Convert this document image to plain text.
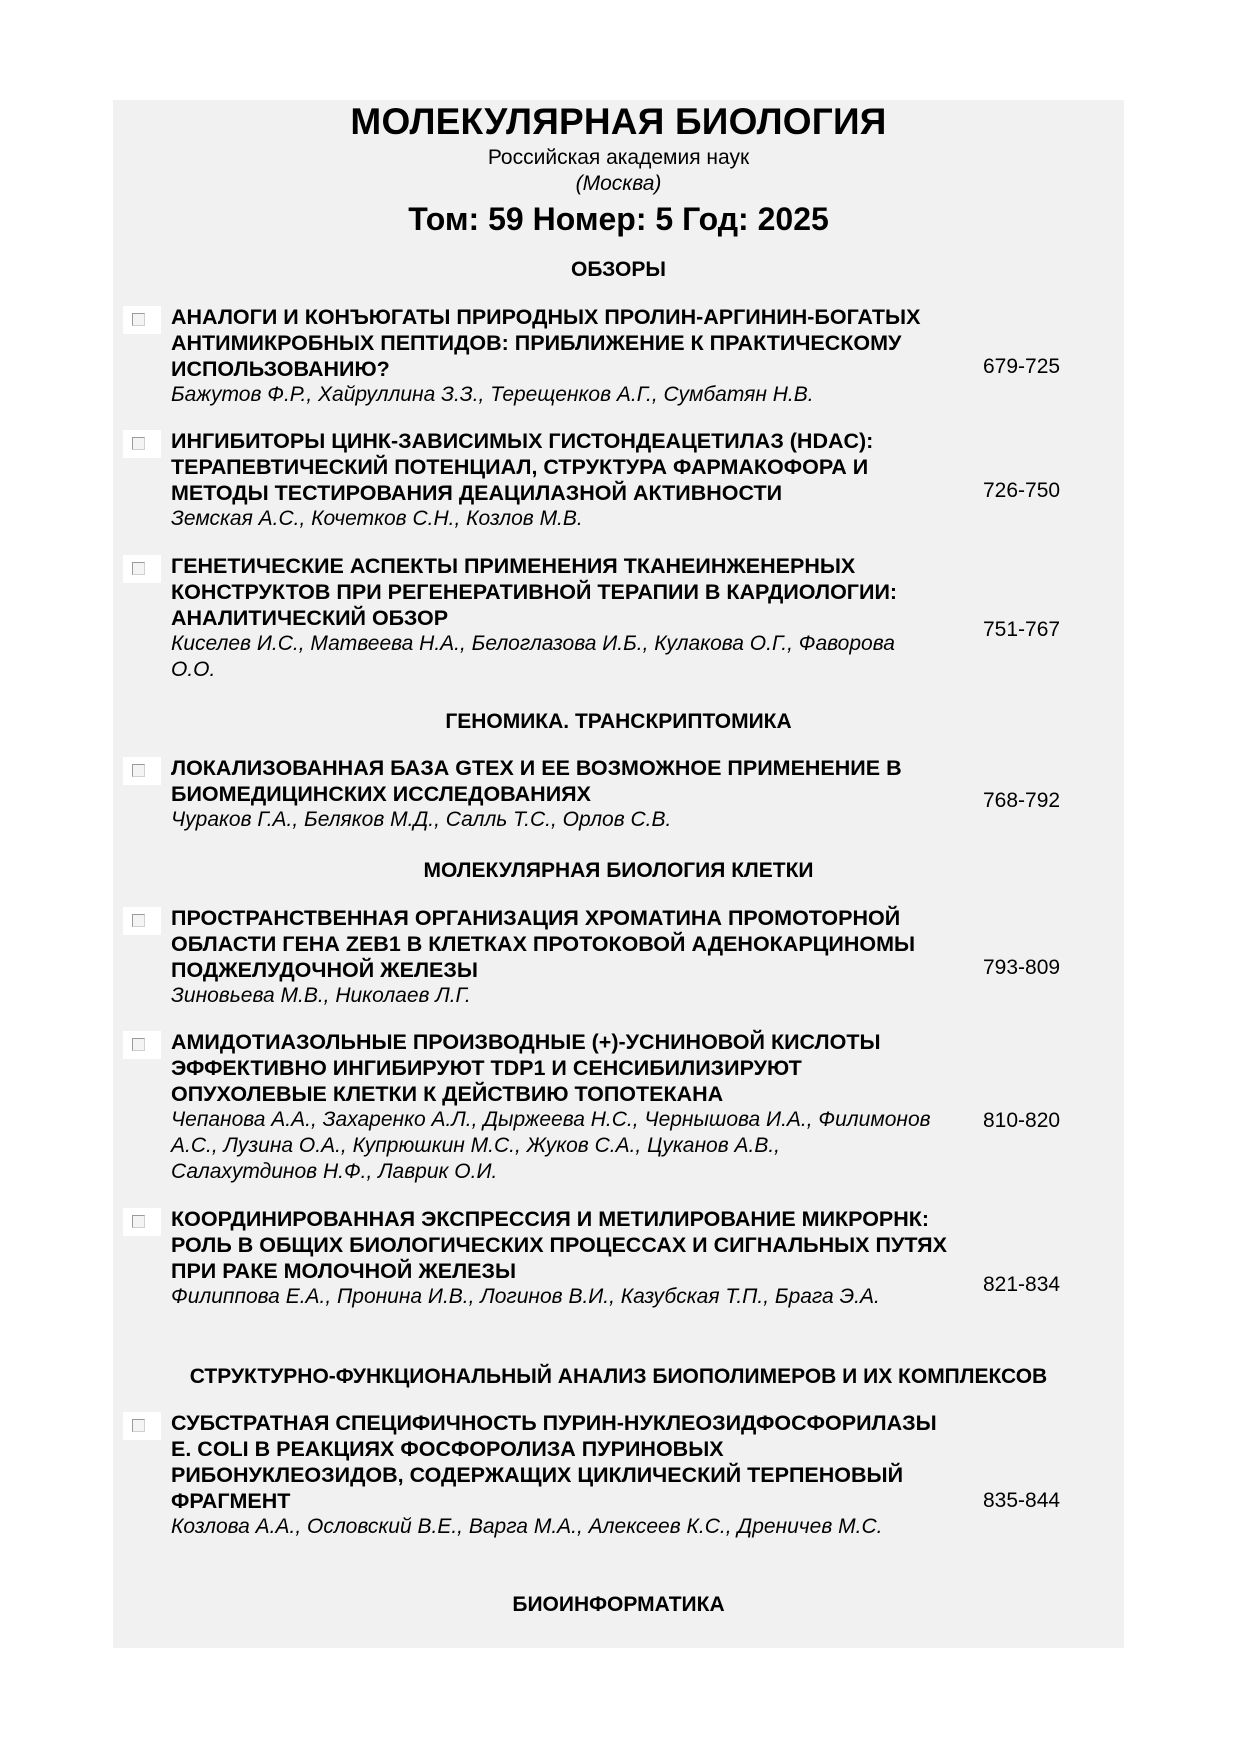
МОЛЕКУЛЯРНАЯ БИОЛОГИЯ
Российская академия наук
(Москва)
Том: 59 Номер: 5 Год: 2025
ОБЗОРЫ
АНАЛОГИ И КОНЪЮГАТЫ ПРИРОДНЫХ ПРОЛИН-АРГИНИН-БОГАТЫХ АНТИМИКРОБНЫХ ПЕПТИДОВ: ПРИБЛИЖЕНИЕ К ПРАКТИЧЕСКОМУ ИСПОЛЬЗОВАНИЮ?
Бажутов Ф.Р., Хайруллина З.З., Терещенков А.Г., Сумбатян Н.В.
679-725
ИНГИБИТОРЫ ЦИНК-ЗАВИСИМЫХ ГИСТОНДЕАЦЕТИЛАЗ (HDAC): ТЕРАПЕВТИЧЕСКИЙ ПОТЕНЦИАЛ, СТРУКТУРА ФАРМАКОФОРА И МЕТОДЫ ТЕСТИРОВАНИЯ ДЕАЦИЛАЗНОЙ АКТИВНОСТИ
Земская А.С., Кочетков С.Н., Козлов М.В.
726-750
ГЕНЕТИЧЕСКИЕ АСПЕКТЫ ПРИМЕНЕНИЯ ТКАНЕИНЖЕНЕРНЫХ КОНСТРУКТОВ ПРИ РЕГЕНЕРАТИВНОЙ ТЕРАПИИ В КАРДИОЛОГИИ: АНАЛИТИЧЕСКИЙ ОБЗОР
Киселев И.С., Матвеева Н.А., Белоглазова И.Б., Кулакова О.Г., Фаворова О.О.
751-767
ГЕНОМИКА. ТРАНСКРИПТОМИКА
ЛОКАЛИЗОВАННАЯ БАЗА GTEX И ЕЕ ВОЗМОЖНОЕ ПРИМЕНЕНИЕ В БИОМЕДИЦИНСКИХ ИССЛЕДОВАНИЯХ
Чураков Г.А., Беляков М.Д., Салль Т.С., Орлов С.В.
768-792
МОЛЕКУЛЯРНАЯ БИОЛОГИЯ КЛЕТКИ
ПРОСТРАНСТВЕННАЯ ОРГАНИЗАЦИЯ ХРОМАТИНА ПРОМОТОРНОЙ ОБЛАСТИ ГЕНА ZEB1 В КЛЕТКАХ ПРОТОКОВОЙ АДЕНОКАРЦИНОМЫ ПОДЖЕЛУДОЧНОЙ ЖЕЛЕЗЫ
Зиновьева М.В., Николаев Л.Г.
793-809
АМИДОТИАЗОЛЬНЫЕ ПРОИЗВОДНЫЕ (+)-УСНИНОВОЙ КИСЛОТЫ ЭФФЕКТИВНО ИНГИБИРУЮТ TDP1 И СЕНСИБИЛИЗИРУЮТ ОПУХОЛЕВЫЕ КЛЕТКИ К ДЕЙСТВИЮ ТОПОТЕКАНА
Чепанова А.А., Захаренко А.Л., Дыржеева Н.С., Чернышова И.А., Филимонов А.С., Лузина О.А., Купрюшкин М.С., Жуков С.А., Цуканов А.В., Салахутдинов Н.Ф., Лаврик О.И.
810-820
КООРДИНИРОВАННАЯ ЭКСПРЕССИЯ И МЕТИЛИРОВАНИЕ МИКРОРНК: РОЛЬ В ОБЩИХ БИОЛОГИЧЕСКИХ ПРОЦЕССАХ И СИГНАЛЬНЫХ ПУТЯХ ПРИ РАКЕ МОЛОЧНОЙ ЖЕЛЕЗЫ
Филиппова Е.А., Пронина И.В., Логинов В.И., Казубская Т.П., Брага Э.А.
821-834
СТРУКТУРНО-ФУНКЦИОНАЛЬНЫЙ АНАЛИЗ БИОПОЛИМЕРОВ И ИХ КОМПЛЕКСОВ
СУБСТРАТНАЯ СПЕЦИФИЧНОСТЬ ПУРИН-НУКЛЕОЗИДФОСФОРИЛАЗЫ E. COLI В РЕАКЦИЯХ ФОСФОРОЛИЗА ПУРИНОВЫХ РИБОНУКЛЕОЗИДОВ, СОДЕРЖАЩИХ ЦИКЛИЧЕСКИЙ ТЕРПЕНОВЫЙ ФРАГМЕНТ
Козлова А.А., Ословский В.Е., Варга М.А., Алексеев К.С., Дреничев М.С.
835-844
БИОИНФОРМАТИКА
